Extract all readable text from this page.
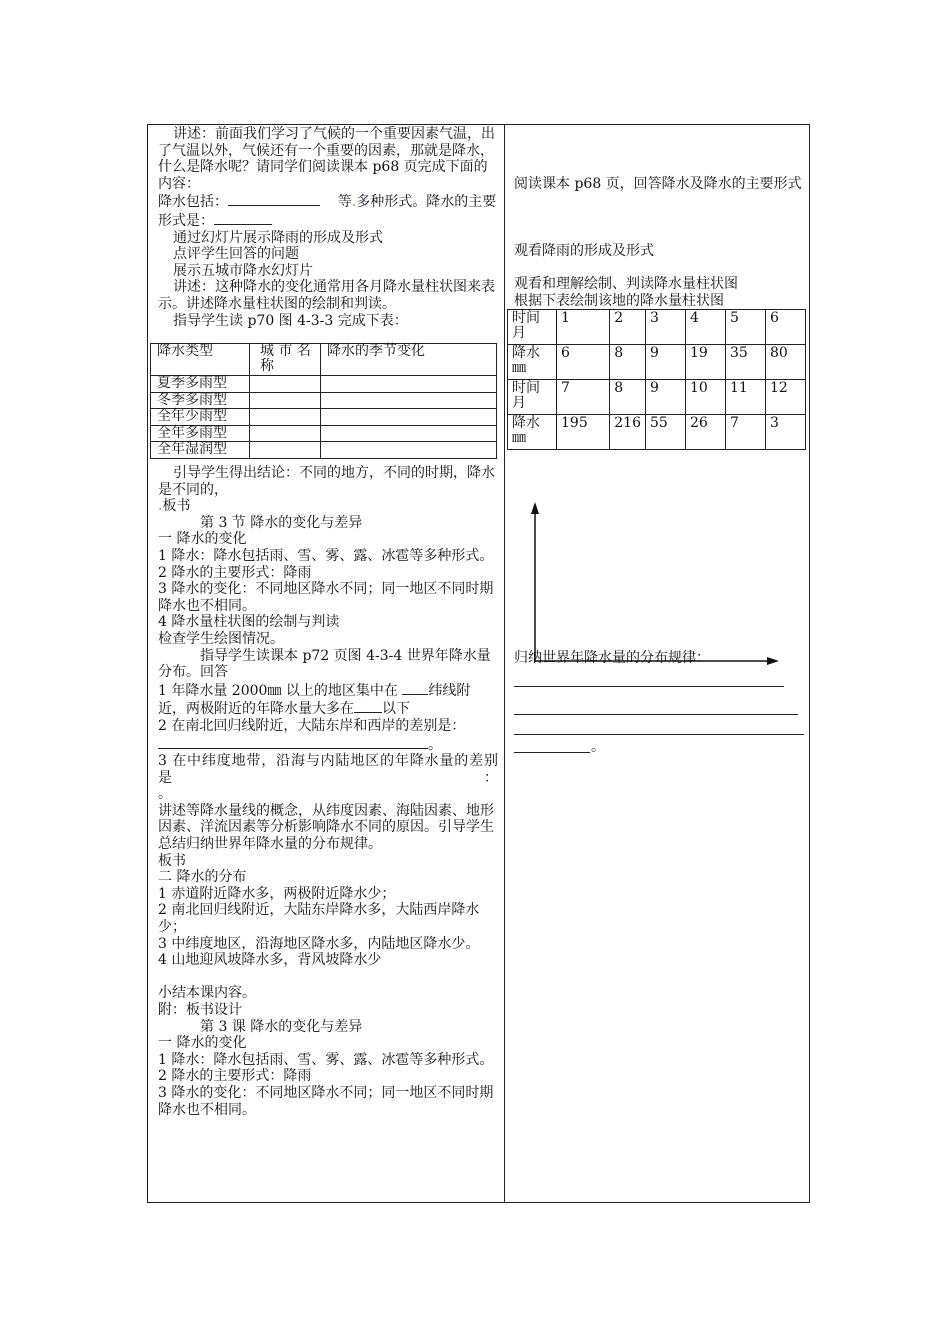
讲述：前面我们学习了气候的一个重要因素气温，出了气温以外，气候还有一个重要的因素，那就是降水，什么是降水呢？请同学们阅读课本 p68 页完成下面的内容：

降水包括：	等.多种形式。降水的主要形式是：

通过幻灯片展示降雨的形成及形式

点评学生回答的问题

展示五城市降水幻灯片

讲述：这种降水的变化通常用各月降水量柱状图来表示。讲述降水量柱状图的绘制和判读。

指导学生读 p70 图 4-3-3 完成下表：

降水类型	城 市 名称	降水的季节变化
夏季多雨型		
冬季多雨型		
全年少雨型		
全年多雨型		
全年湿润型		

引导学生得出结论：不同的地方，不同的时期，降水是不同的，

.板书

第 3 节 降水的变化与差异

一 降水的变化

1 降水：降水包括雨、雪、雾、露、冰雹等多种形式。

2 降水的主要形式：降雨

3 降水的变化：不同地区降水不同；同一地区不同时期降水也不相同。

4 降水量柱状图的绘制与判读

检查学生绘图情况。

指导学生读课本 p72 页图 4-3-4 世界年降水量分布。回答

1 年降水量 2000㎜ 以上的地区集中在 纬线附近，两极附近的年降水量大多在 以下

2 在南北回归线附近，大陆东岸和西岸的差别是：。

3 在中纬度地带，沿海与内陆地区的年降水量的差别是：

。

讲述等降水量线的概念，从纬度因素、海陆因素、地形因素、洋流因素等分析影响降水不同的原因。引导学生总结归纳世界年降水量的分布规律。

板书

二 降水的分布

1 赤道附近降水多，两极附近降水少；

2 南北回归线附近，大陆东岸降水多，大陆西岸降水少；

3 中纬度地区，沿海地区降水多，内陆地区降水少。

4 山地迎风坡降水多，背风坡降水少

小结本课内容。

附：板书设计

第 3 课 降水的变化与差异

一 降水的变化

1 降水：降水包括雨、雪、雾、露、冰雹等多种形式。

2 降水的主要形式：降雨

3 降水的变化：不同地区降水不同；同一地区不同时期降水也不相同。

阅读课本 p68 页，回答降水及降水的主要形式

观看降雨的形成及形式

观看和理解绘制、判读降水量柱状图

根据下表绘制该地的降水量柱状图

时间月	1	2	3	4	5	6
降水㎜	6	8	9	19	35	80
时间月	7	8	9	10	11	12
降水㎜	195	216	55	26	7	3

归纳世界年降水量的分布规律：

。
